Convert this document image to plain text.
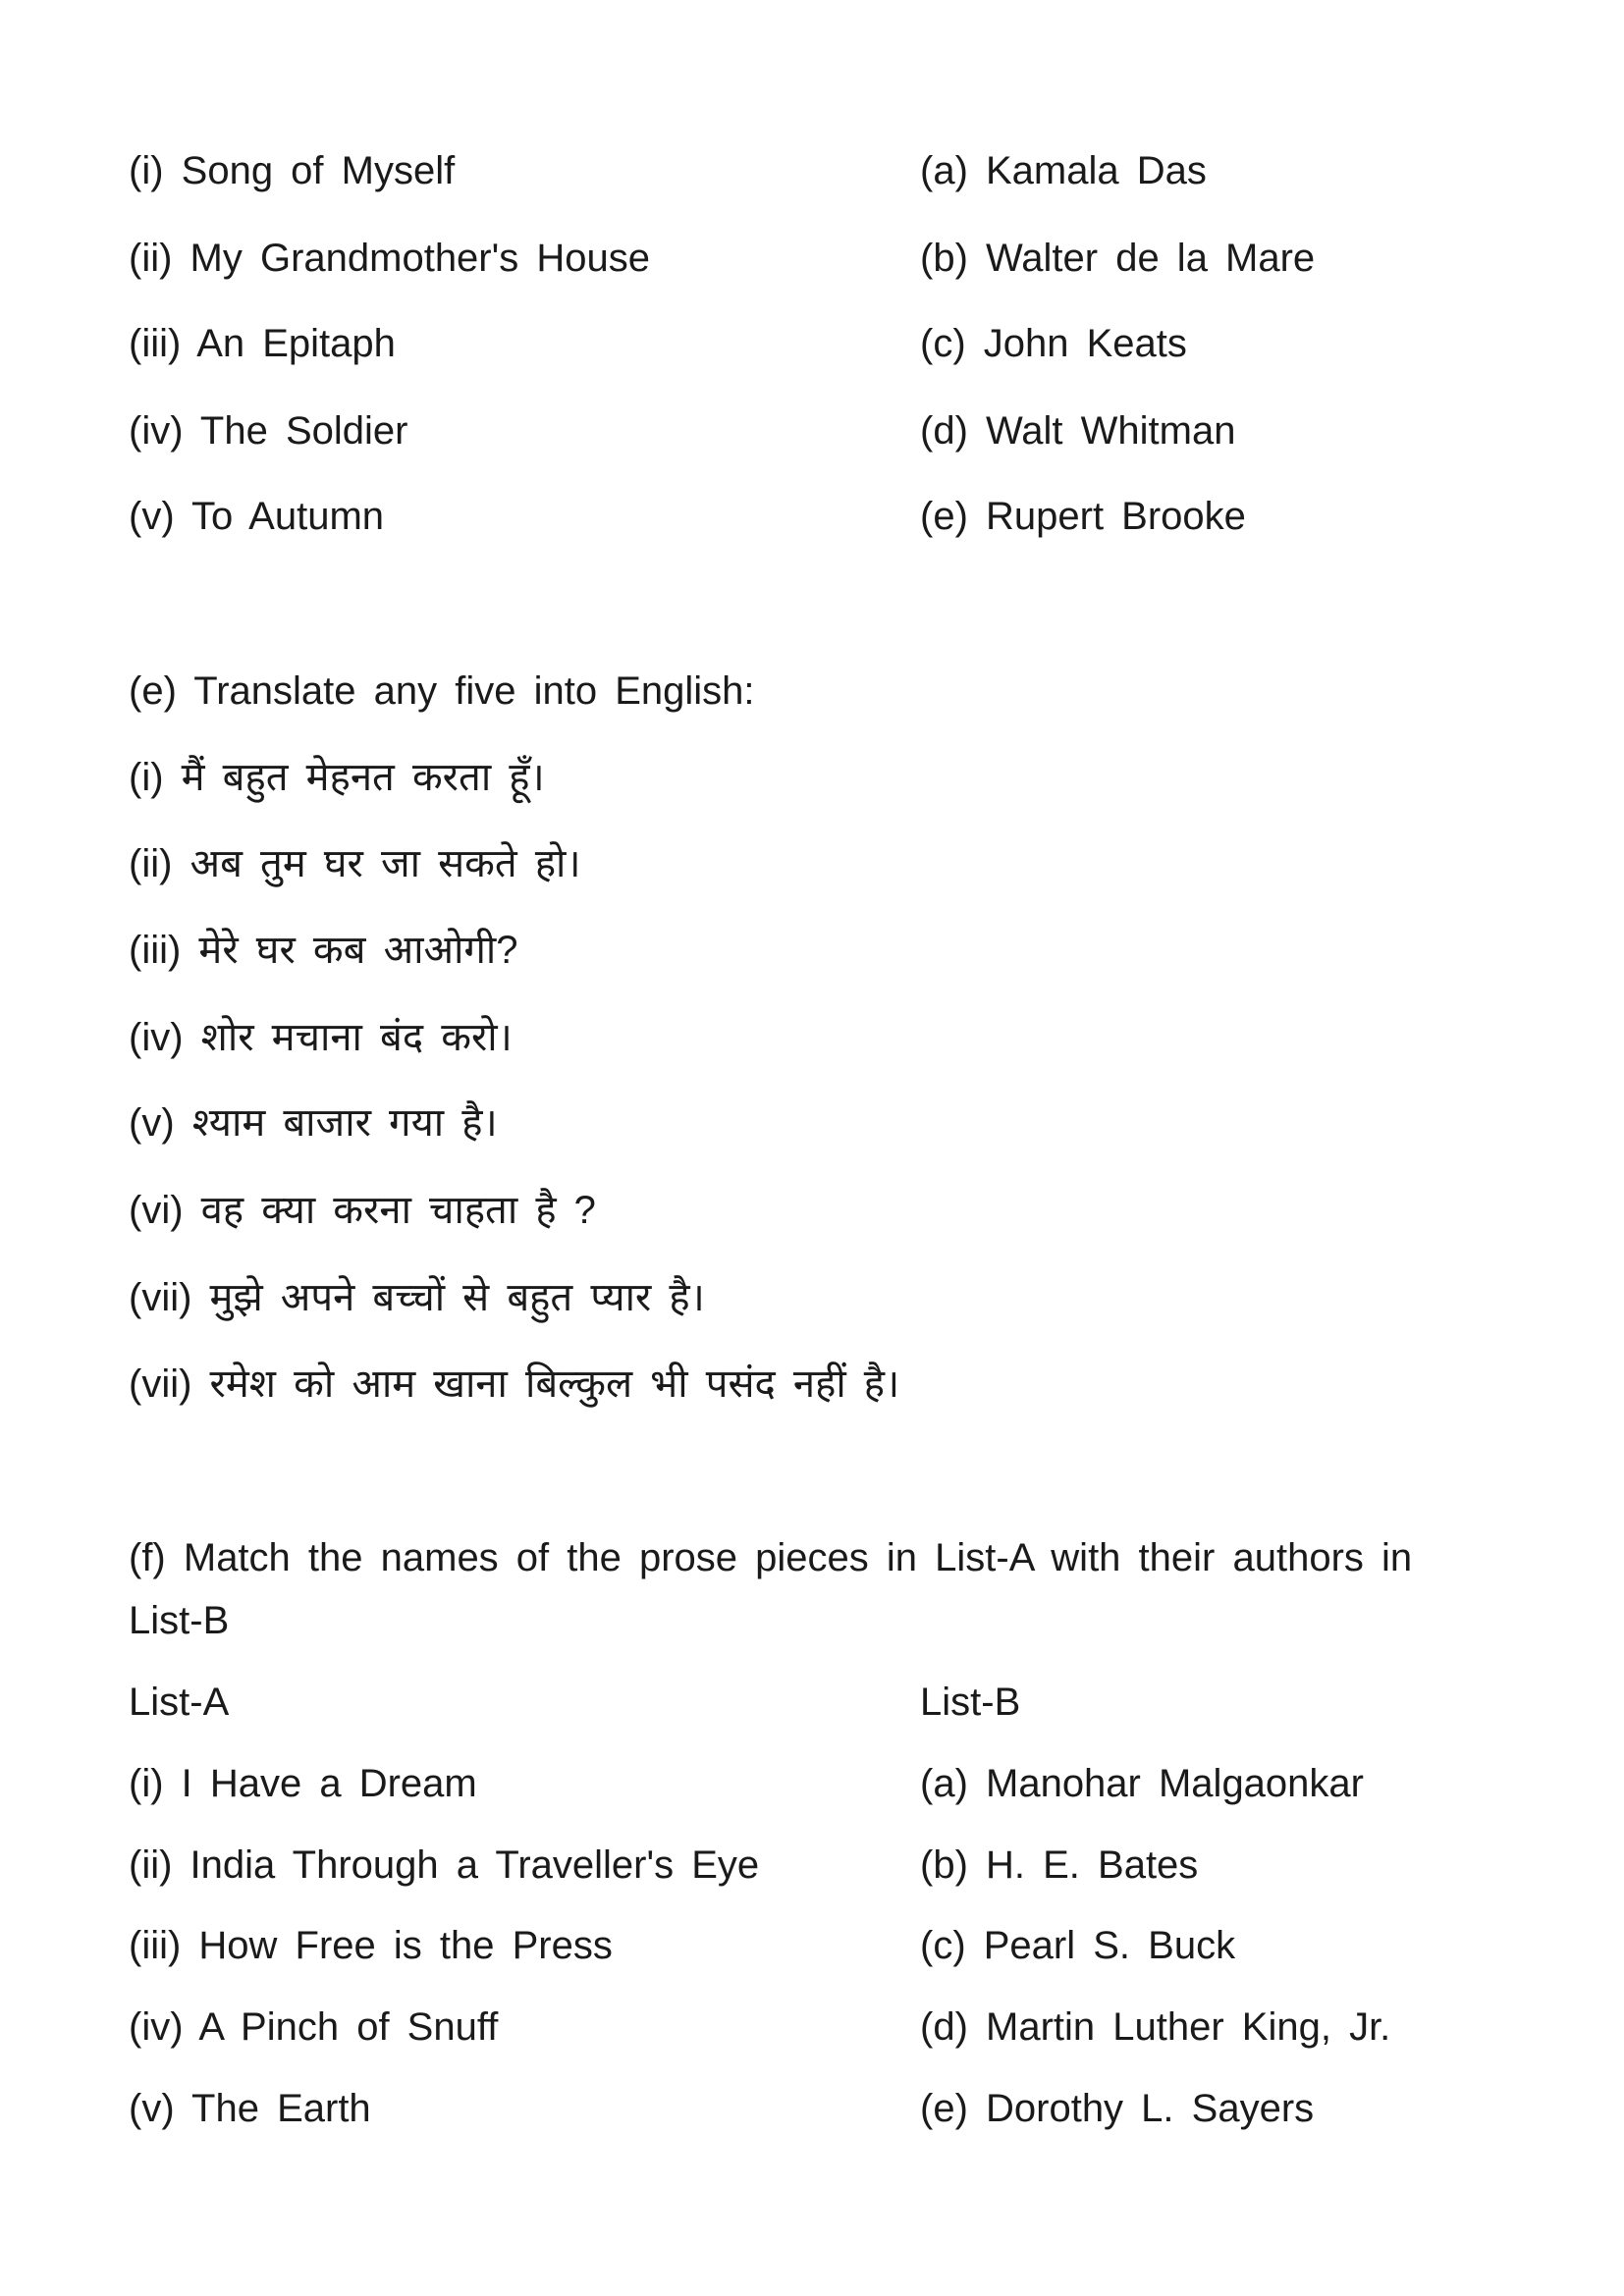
(i) Song of Myself
(ii) My Grandmother's House
(iii) An Epitaph
(iv) The Soldier
(v) To Autumn
(a) Kamala Das
(b) Walter de la Mare
(c) John Keats
(d) Walt Whitman
(e) Rupert Brooke
(e) Translate any five into English:
(i) मैं बहुत मेहनत करता हूँ।
(ii) अब तुम घर जा सकते हो।
(iii) मेरे घर कब आओगी?
(iv) शोर मचाना बंद करो।
(v) श्याम बाजार गया है।
(vi) वह क्या करना चाहता है ?
(vii) मुझे अपने बच्चों से बहुत प्यार है।
(vii) रमेश को आम खाना बिल्कुल भी पसंद नहीं है।
(f) Match the names of the prose pieces in List-A with their authors in
List-B
List-A	List-B
(i) I Have a Dream
(ii) India Through a Traveller's Eye
(iii) How Free is the Press
(iv) A Pinch of Snuff
(v) The Earth
(a) Manohar Malgaonkar
(b) H. E. Bates
(c) Pearl S. Buck
(d) Martin Luther King, Jr.
(e) Dorothy L. Sayers
